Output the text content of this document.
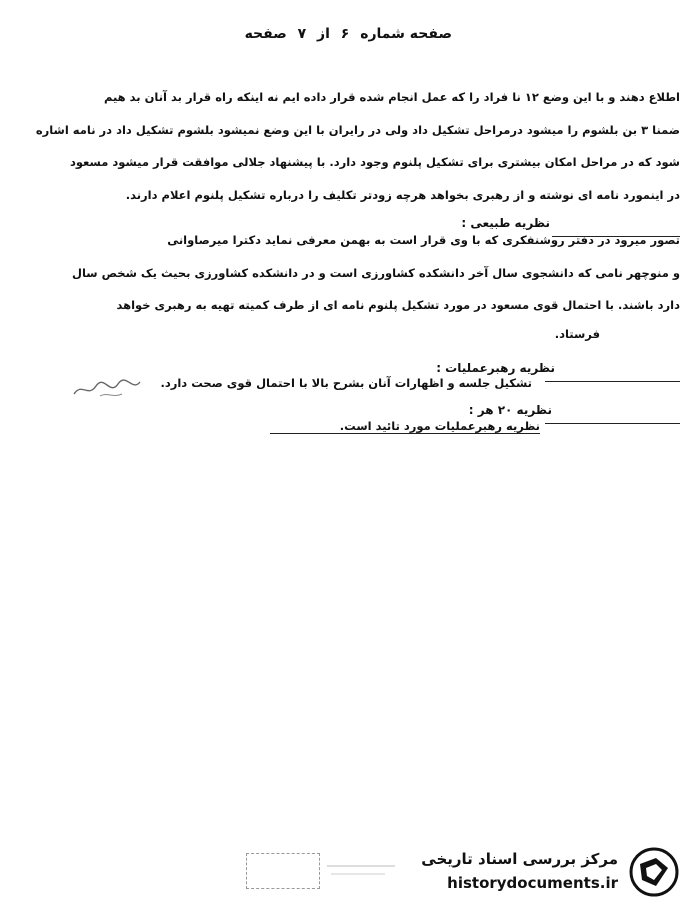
صفحه شماره ۶ از ۷ صفحه
اطلاع دهند و با این وضع ۱۲ نا فراد را که عمل انجام شده قرار داده ایم نه اینکه راه قرار بد آنان بد هیم
ضمنا ۳ بن بلشوم را میشود درمراحل تشکیل داد ولی در رایران با این وضع نمیشود بلشوم تشکیل داد در نامه اشاره
شود که در مراحل امکان بیشتری برای تشکیل پلنوم وجود دارد. با پیشنهاد جلالی موافقت قرار میشود مسعود
در اینمورد نامه ای نوشته و از رهبری بخواهد هرچه زودتر تکلیف را درباره تشکیل پلنوم اعلام دارند.
نظریه طبیعی :
تصور میرود در دفتر روشنفکری که با وی قرار است به بهمن معرفی نماید دکترا میرصاوانی
و منوچهر نامی که دانشجوی سال آخر دانشکده کشاورزی است و در دانشکده کشاورزی بحیث یک شخص سال
دارد باشند. با احتمال قوی مسعود در مورد تشکیل پلنوم نامه ای از طرف کمیته تهیه به رهبری خواهد
فرستاد.
نظریه رهبرعملیات :
تشکیل جلسه و اظهارات آنان بشرح بالا با احتمال قوی صحت دارد.
نظریه ۲۰ هر :
نظریه رهبرعملیات مورد تائید است.
مرکز بررسی اسناد تاریخی
historydocuments.ir
